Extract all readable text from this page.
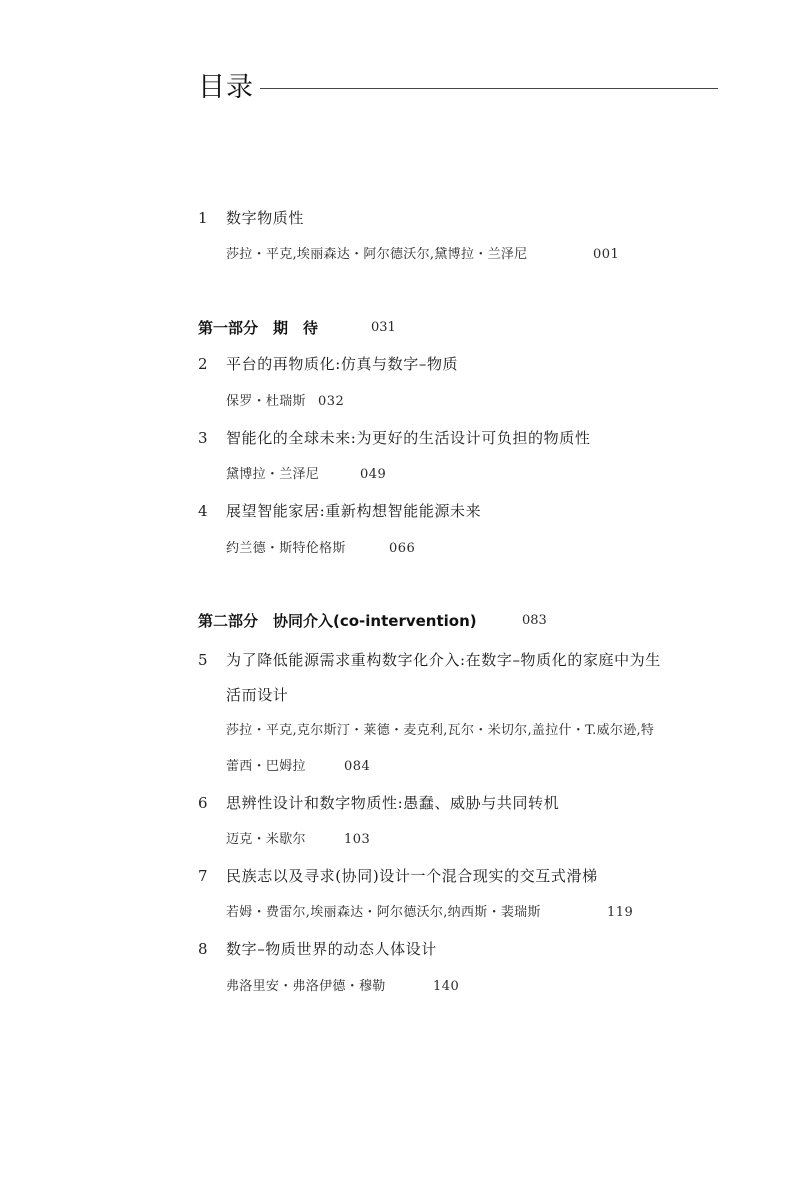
目录
1 数字物质性
莎拉・平克,埃丽森达・阿尔德沃尔,黛博拉・兰泽尼	001
第一部分　期　待	031
2 平台的再物质化:仿真与数字–物质
保罗・杜瑞斯 032
3 智能化的全球未来:为更好的生活设计可负担的物质性
黛博拉・兰泽尼	049
4 展望智能家居:重新构想智能能源未来
约兰德・斯特伦格斯	066
第二部分　协同介入(co-intervention)	083
5 为了降低能源需求重构数字化介入:在数字–物质化的家庭中为生
活而设计
莎拉・平克,克尔斯汀・莱德・麦克利,瓦尔・米切尔,盖拉什・T.威尔逊,特
蕾西・巴姆拉	084
6 思辨性设计和数字物质性:愚蠢、威胁与共同转机
迈克・米歇尔	103
7 民族志以及寻求(协同)设计一个混合现实的交互式滑梯
若姆・费雷尔,埃丽森达・阿尔德沃尔,纳西斯・裴瑞斯	119
8 数字–物质世界的动态人体设计
弗洛里安・弗洛伊德・穆勒	140
